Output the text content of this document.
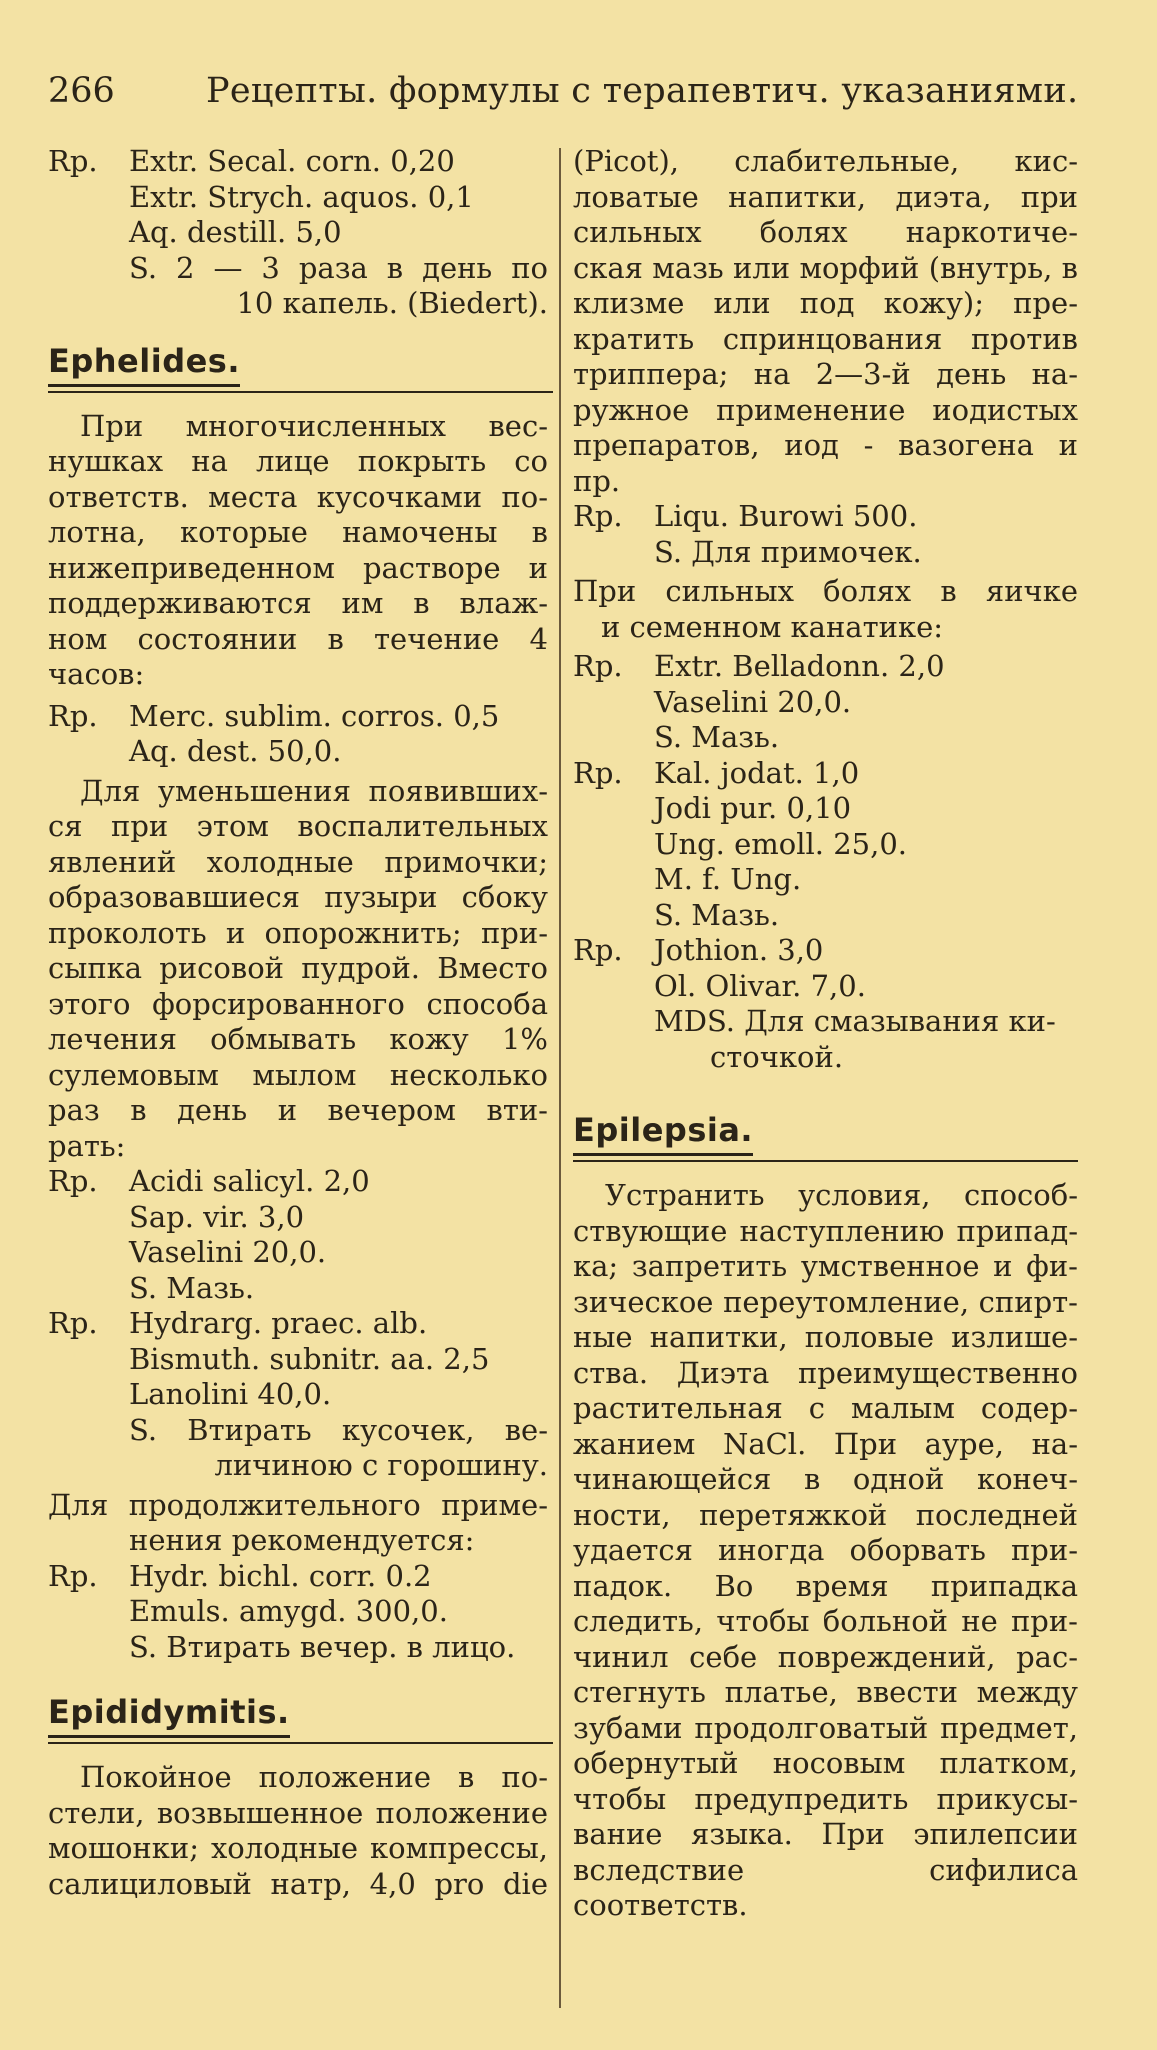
266	Рецепты. формулы с терапевтич. указаниями.
Rp.	Extr. Secal. corn. 0,20
Extr. Strych. aquos. 0,1
Aq. destill. 5,0
S. 2 — 3 раза в день по
10 капель. (Biedert).
Ephelides.
При многочисленных вес-
нушках на лице покрыть со
ответств. места кусочками по-
лотна, которые намочены в
нижеприведенном растворе и
поддерживаются им в влаж-
ном состоянии в течение 4
часов:
Rp.	Merc. sublim. corros. 0,5
Aq. dest. 50,0.
Для уменьшения появивших-
ся при этом воспалительных
явлений холодные примочки;
образовавшиеся пузыри сбоку
проколоть и опорожнить; при-
сыпка рисовой пудрой. Вместо
этого форсированного способа
лечения обмывать кожу 1%
сулемовым мылом несколько
раз в день и вечером вти-
рать:
Rp.	Acidi salicyl. 2,0
Sap. vir. 3,0
Vaselini 20,0.
S. Мазь.
Rp.	Hydrarg. praec. alb.
Bismuth. subnitr. aa. 2,5
Lanolini 40,0.
S. Втирать кусочек, ве-
личиною с горошину.
Для продолжительного приме-
нения рекомендуется:
Rp.	Hydr. bichl. corr. 0.2
Emuls. amygd. 300,0.
S. Втирать вечер. в лицо.
Epididymitis.
Покойное положение в по-
стели, возвышенное положение
мошонки; холодные компрессы,
салициловый натр, 4,0 pro die
(Picot), слабительные, кис-
ловатые напитки, диэта, при
сильных болях наркотиче-
ская мазь или морфий (внутрь, в
клизме или под кожу); пре-
кратить спринцования против
триппера; на 2—3-й день на-
ружное применение иодистых
препаратов, иод - вазогена и
пр.
Rp.	Liqu. Burowi 500.
S. Для примочек.
При сильных болях в яичке
и семенном канатике:
Rp.	Extr. Belladonn. 2,0
Vaselini 20,0.
S. Мазь.
Rp.	Kal. jodat. 1,0
Jodi pur. 0,10
Ung. emoll. 25,0.
M. f. Ung.
S. Мазь.
Rp.	Jothion. 3,0
Ol. Olivar. 7,0.
MDS. Для смазывания ки-
сточкой.
Epilepsia.
Устранить условия, способ-
ствующие наступлению припад-
ка; запретить умственное и фи-
зическое переутомление, спирт-
ные напитки, половые излише-
ства. Диэта преимущественно
растительная с малым содер-
жанием NaCl. При ауре, на-
чинающейся в одной конеч-
ности, перетяжкой последней
удается иногда оборвать при-
падок. Во время припадка
следить, чтобы больной не при-
чинил себе повреждений, рас-
стегнуть платье, ввести между
зубами продолговатый предмет,
обернутый носовым платком,
чтобы предупредить прикусы-
вание языка. При эпилепсии
вследствие сифилиса соответств.
